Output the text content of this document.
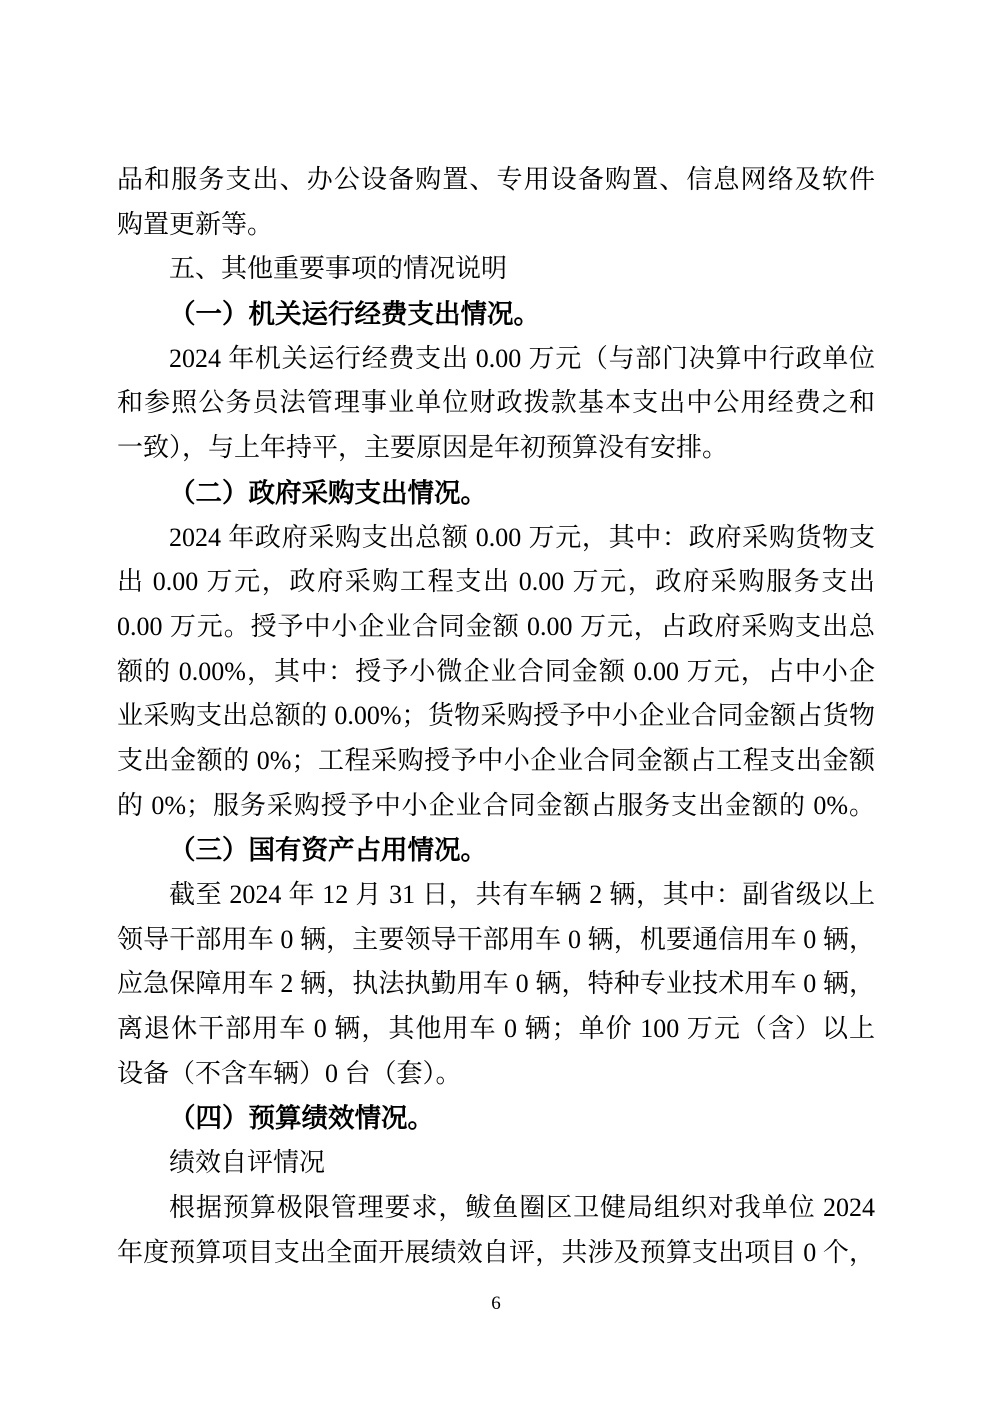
品和服务支出、办公设备购置、专用设备购置、信息网络及软件
购置更新等。
五、其他重要事项的情况说明
（一）机关运行经费支出情况。
2024 年机关运行经费支出 0.00 万元（与部门决算中行政单位
和参照公务员法管理事业单位财政拨款基本支出中公用经费之和
一致），与上年持平，主要原因是年初预算没有安排。
（二）政府采购支出情况。
2024 年政府采购支出总额 0.00 万元，其中：政府采购货物支
出 0.00 万元，政府采购工程支出 0.00 万元，政府采购服务支出
0.00 万元。授予中小企业合同金额 0.00 万元，占政府采购支出总
额的 0.00%，其中：授予小微企业合同金额 0.00 万元，占中小企
业采购支出总额的 0.00%；货物采购授予中小企业合同金额占货物
支出金额的 0%；工程采购授予中小企业合同金额占工程支出金额
的 0%；服务采购授予中小企业合同金额占服务支出金额的 0%。
（三）国有资产占用情况。
截至 2024 年 12 月 31 日，共有车辆 2 辆，其中：副省级以上
领导干部用车 0 辆，主要领导干部用车 0 辆，机要通信用车 0 辆，
应急保障用车 2 辆，执法执勤用车 0 辆，特种专业技术用车 0 辆，
离退休干部用车 0 辆，其他用车 0 辆；单价 100 万元（含）以上
设备（不含车辆）0 台（套）。
（四）预算绩效情况。
绩效自评情况
根据预算极限管理要求，鲅鱼圈区卫健局组织对我单位 2024
年度预算项目支出全面开展绩效自评，共涉及预算支出项目 0 个，
6
